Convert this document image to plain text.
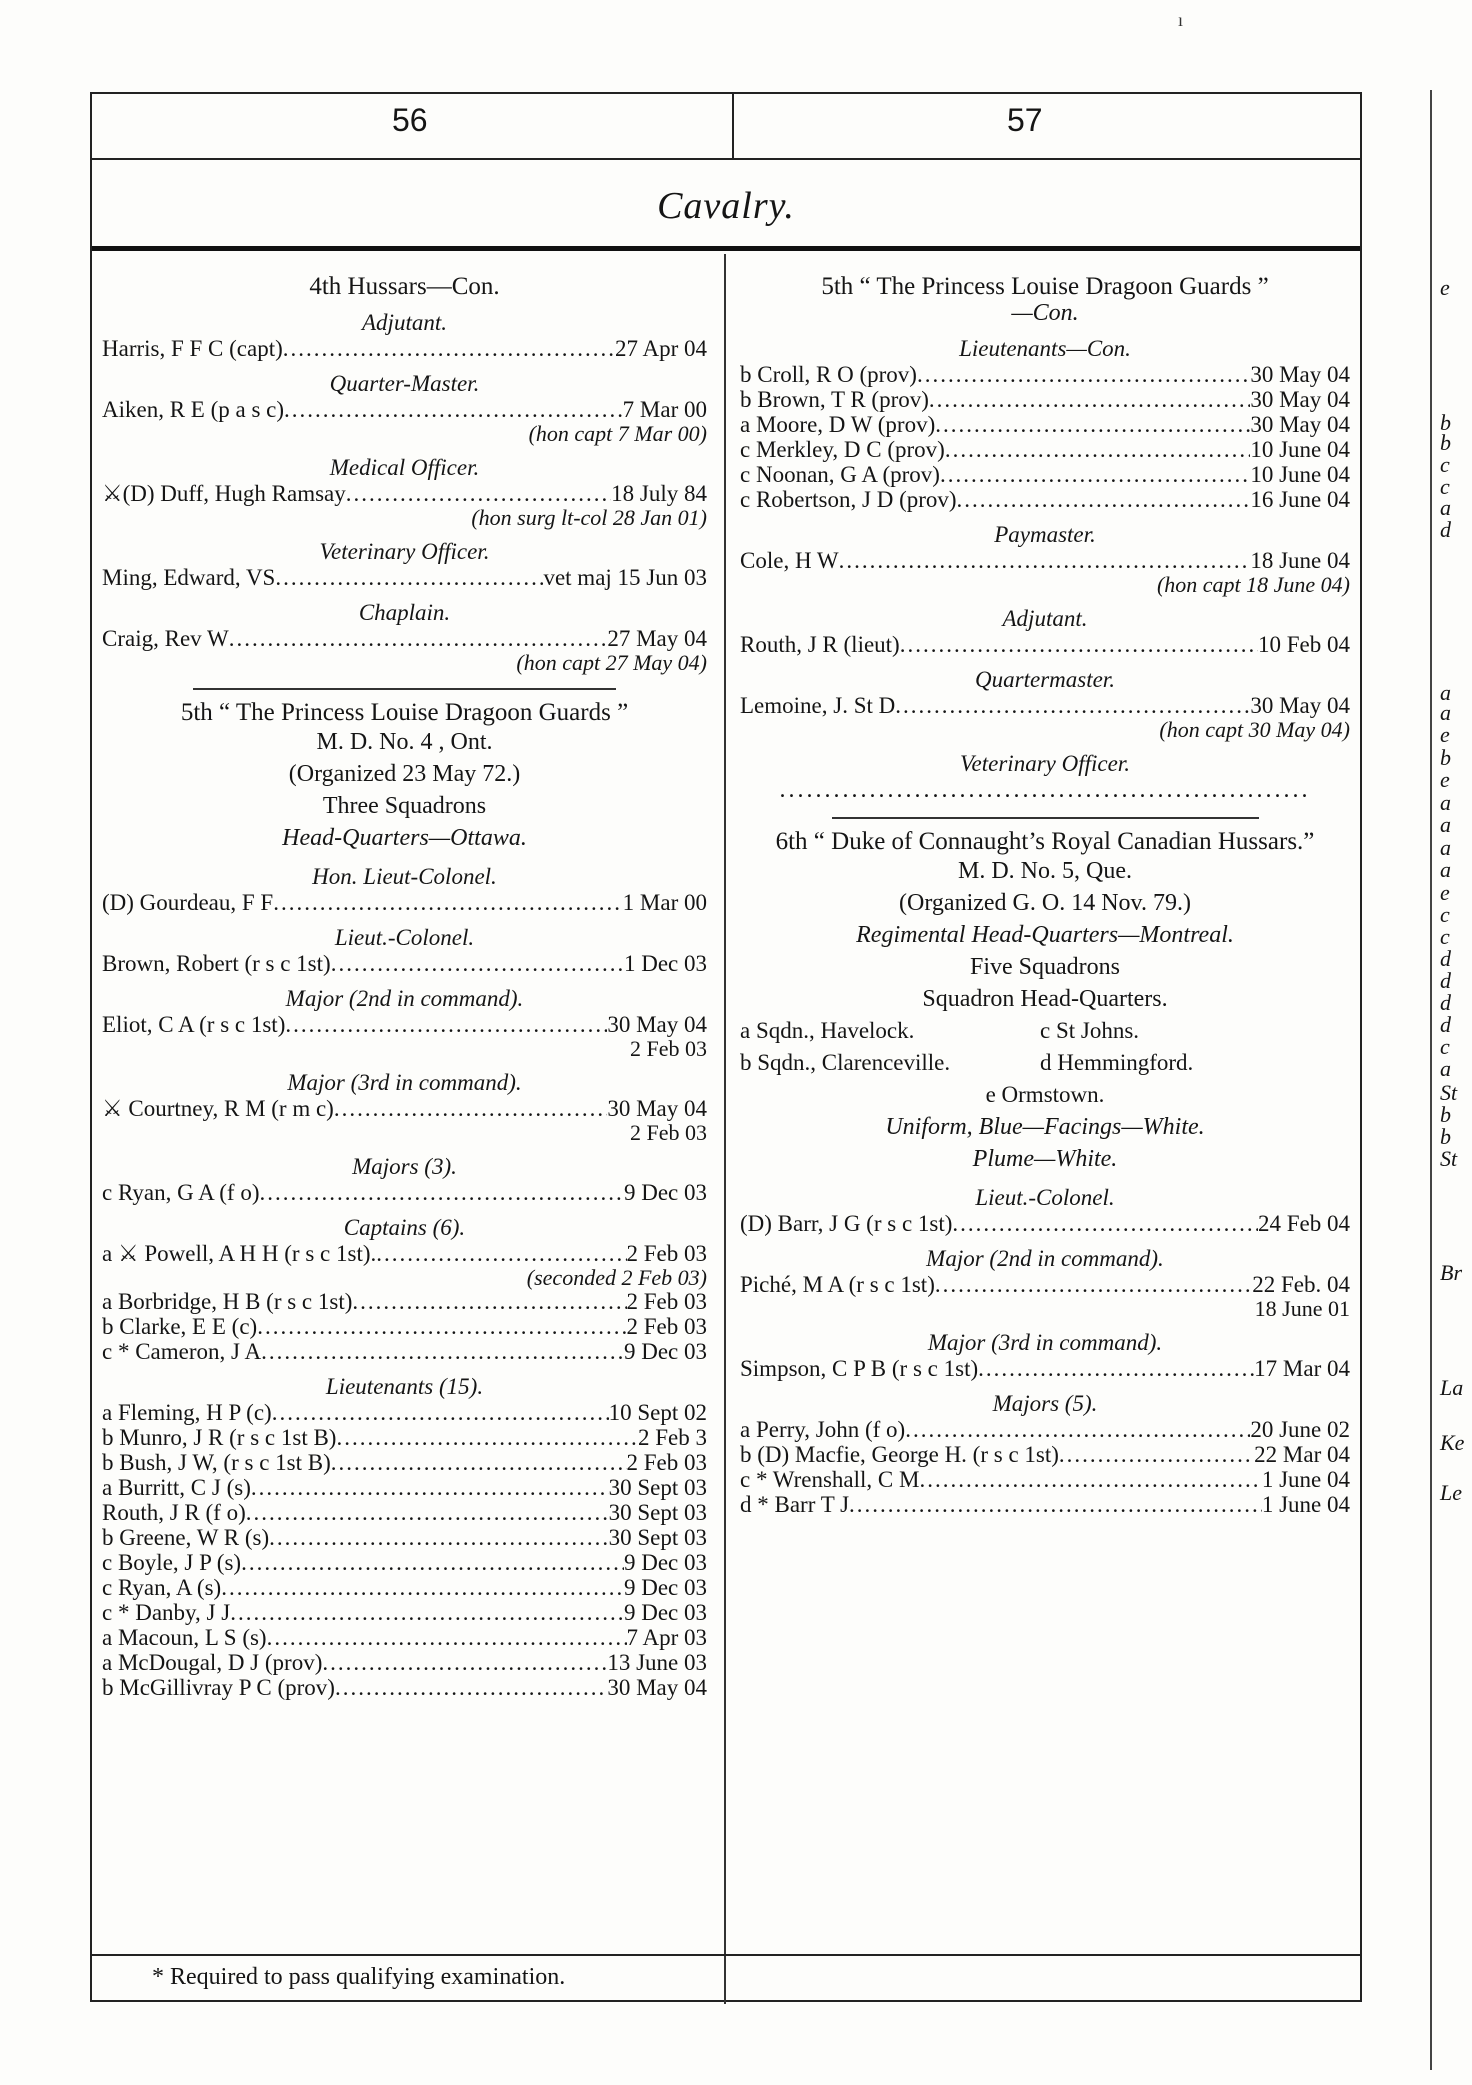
56	57
Cavalry.
4th Hussars—Con.
Adjutant.
Harris, F F C (capt) .....	27 Apr 04
Quarter-Master.
Aiken, R E (p a s c) .....	7 Mar 00
(hon capt 7 Mar 00)
Medical Officer.
⚔(D) Duff, Hugh Ramsay .....	18 July 84
(hon surg lt-col 28 Jan 01)
Veterinary Officer.
Ming, Edward, VS .....	vet maj 15 Jun 03
Chaplain.
Craig, Rev W .....	27 May 04
(hon capt 27 May 04)
5th “ The Princess Louise Dragoon Guards ”
M. D. No. 4 , Ont.
(Organized 23 May 72.)
Three Squadrons
Head-Quarters—Ottawa.
Hon. Lieut-Colonel.
(D) Gourdeau, F F .....	1 Mar 00
Lieut.-Colonel.
Brown, Robert (r s c 1st) .....	1 Dec 03
Major (2nd in command).
Eliot, C A (r s c 1st) .....	30 May 04
2 Feb 03
Major (3rd in command).
⚔ Courtney, R M (r m c) .....	30 May 04
2 Feb 03
Majors (3).
c Ryan, G A (f o) .....	9 Dec 03
Captains (6).
a ⚔ Powell, A H H (r s c 1st). .....	2 Feb 03
(seconded 2 Feb 03)
a Borbridge, H B (r s c 1st) .....	2 Feb 03
b Clarke, E E (c) .....	2 Feb 03
c * Cameron, J A .....	9 Dec 03
Lieutenants (15).
a Fleming, H P (c) .....	10 Sept 02
b Munro, J R (r s c 1st B) .....	2 Feb 3
b Bush, J W, (r s c 1st B) .....	2 Feb 03
a Burritt, C J (s) .....	30 Sept 03
Routh, J R (f o) .....	30 Sept 03
b Greene, W R (s) .....	30 Sept 03
c Boyle, J P (s) .....	9 Dec 03
c Ryan, A (s) .....	9 Dec 03
c * Danby, J J .....	9 Dec 03
a Macoun, L S (s) .....	7 Apr 03
a McDougal, D J (prov) .....	13 June 03
b McGillivray P C (prov) .....	30 May 04
5th “ The Princess Louise Dragoon Guards ”
—Con.
Lieutenants—Con.
b Croll, R O (prov) .....	30 May 04
b Brown, T R (prov) .....	30 May 04
a Moore, D W (prov) .....	30 May 04
c Merkley, D C (prov) .....	10 June 04
c Noonan, G A (prov) .....	10 June 04
c Robertson, J D (prov) .....	16 June 04
Paymaster.
Cole, H W .....	18 June 04
(hon capt 18 June 04)
Adjutant.
Routh, J R (lieut) .....	10 Feb 04
Quartermaster.
Lemoine, J. St D .....	30 May 04
(hon capt 30 May 04)
Veterinary Officer.
...........................................................
6th “ Duke of Connaught’s Royal Canadian Hussars.”
M. D. No. 5, Que.
(Organized G. O. 14 Nov. 79.)
Regimental Head-Quarters—Montreal.
Five Squadrons
Squadron Head-Quarters.
a Sqdn., Havelock.	c St Johns.
b Sqdn., Clarenceville.	d Hemmingford.
e Ormstown.
Uniform, Blue—Facings—White.
Plume—White.
Lieut.-Colonel.
(D) Barr, J G (r s c 1st) .....	24 Feb 04
Major (2nd in command).
Piché, M A (r s c 1st) .....	22 Feb. 04
18 June 01
Major (3rd in command).
Simpson, C P B (r s c 1st) .....	17 Mar 04
Majors (5).
a Perry, John (f o) .....	20 June 02
b (D) Macfie, George H. (r s c 1st) .....	22 Mar 04
c * Wrenshall, C M .....	1 June 04
d * Barr T J .....	1 June 04
* Required to pass qualifying examination.
e
b
b
c
c
a
d
a
a
e
b
e
a
a
a
a
e
c
c
d
d
d
d
c
a
St
b
b
St
Br
La
Ke
Le
ı
